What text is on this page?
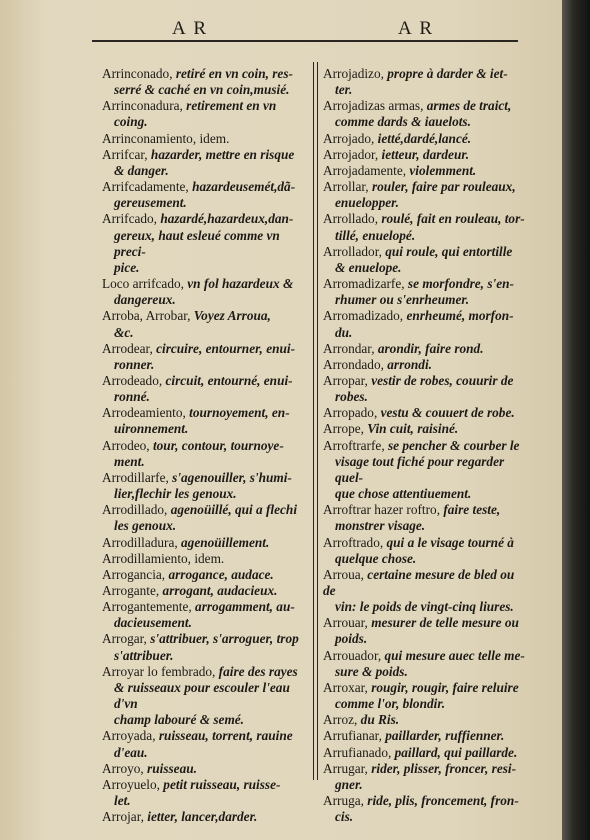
A R	A R

Arrinconado, retiré en vn coin, res-
serré & caché en vn coin,musié.

Arrinconadura, retirement en vn
coing.

Arrinconamiento, idem.

Arrifcar, hazarder, mettre en risque
& danger.

Arrifcadamente, hazardeusemét,dã-
gereusement.

Arrifcado, hazardé,hazardeux,dan-
gereux, haut esleué comme vn preci-
pice.

Loco arrifcado, vn fol hazardeux &
dangereux.

Arroba, Arrobar, Voyez Arroua,
&c.

Arrodear, circuire, entourner, enui-
ronner.

Arrodeado, circuit, entourné, enui-
ronné.

Arrodeamiento, tournoyement, en-
uironnement.

Arrodeo, tour, contour, tournoye-
ment.

Arrodillarfe, s'agenouiller, s'humi-
lier,flechir les genoux.

Arrodillado, agenoüillé, qui a flechi
les genoux.

Arrodilladura, agenoüillement.

Arrodillamiento, idem.

Arrogancia, arrogance, audace.

Arrogante, arrogant, audacieux.

Arrogantemente, arrogamment, au-
dacieusement.

Arrogar, s'attribuer, s'arroguer, trop
s'attribuer.

Arroyar lo fembrado, faire des rayes
& ruisseaux pour escouler l'eau d'vn
champ labouré & semé.

Arroyada, ruisseau, torrent, rauine
d'eau.

Arroyo, ruisseau.

Arroyuelo, petit ruisseau, ruisse-
let.

Arrojar, ietter, lancer,darder.

Arrojadizo, propre à darder & iet-
ter.

Arrojadizas armas, armes de traict,
comme dards & iauelots.

Arrojado, ietté,dardé,lancé.

Arrojador, ietteur, dardeur.

Arrojadamente, violemment.

Arrollar, rouler, faire par rouleaux,
enuelopper.

Arrollado, roulé, fait en rouleau, tor-
tillé, enuelopé.

Arrollador, qui roule, qui entortille
& enuelope.

Arromadizarfe, se morfondre, s'en-
rhumer ou s'enrheumer.

Arromadizado, enrheumé, morfon-
du.

Arrondar, arondir, faire rond.

Arrondado, arrondi.

Arropar, vestir de robes, couurir de
robes.

Arropado, vestu & couuert de robe.

Arrope, Vin cuit, raisiné.

Arroftrarfe, se pencher & courber le
visage tout fiché pour regarder quel-
que chose attentiuement.

Arroftrar hazer roftro, faire teste,
monstrer visage.

Arroftrado, qui a le visage tourné à
quelque chose.

Arroua, certaine mesure de bled ou de
vin: le poids de vingt-cinq liures.

Arrouar, mesurer de telle mesure ou
poids.

Arrouador, qui mesure auec telle me-
sure & poids.

Arroxar, rougir, rougir, faire reluire
comme l'or, blondir.

Arroz, du Ris.

Arrufianar, paillarder, ruffienner.

Arrufianado, paillard, qui paillarde.

Arrugar, rider, plisser, froncer, resi-
gner.

Arruga, ride, plis, froncement, fron-
cis.
